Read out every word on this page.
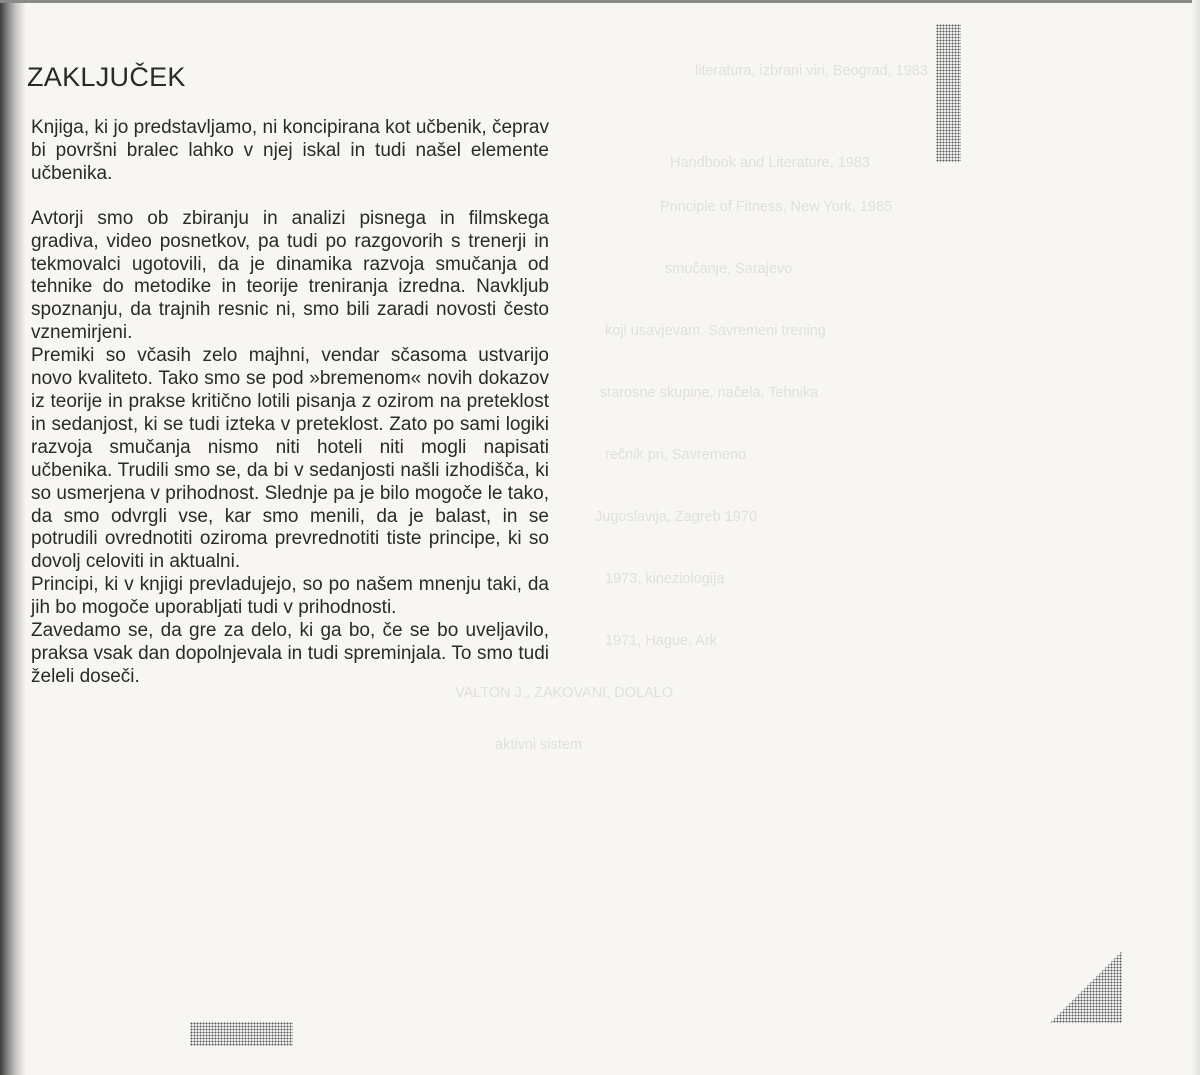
literatura, izbrani viri, Beograd, 1983
Handbook and Literature, 1983
Principle of Fitness, New York, 1985
smučanje, Sarajevo
koji usavjevam, Savremeni trening
starosne skupine, načela, Tehnika
rečnik pri, Savremeno
Jugoslavija, Zagreb 1970
1973, kineziologija
1971, Hague, Ark
VALTON J., ZAKOVANI, DOLALO
aktivni sistem
ZAKLJUČEK

Knjiga, ki jo predstavljamo, ni koncipirana kot učbenik, čeprav bi površni bralec lahko v njej iskal in tudi našel elemente učbenika.

Avtorji smo ob zbiranju in analizi pisnega in filmskega gradiva, video posnetkov, pa tudi po razgovorih s trenerji in tekmovalci ugotovili, da je dinamika razvoja smučanja od tehnike do metodike in teorije treniranja izredna. Navkljub spoznanju, da trajnih resnic ni, smo bili zaradi novosti često vznemirjeni.

Premiki so včasih zelo majhni, vendar sčasoma ustvarijo novo kvaliteto. Tako smo se pod »bremenom« novih dokazov iz teorije in prakse kritično lotili pisanja z ozirom na preteklost in sedanjost, ki se tudi izteka v preteklost. Zato po sami logiki razvoja smučanja nismo niti hoteli niti mogli napisati učbenika. Trudili smo se, da bi v sedanjosti našli izhodišča, ki so usmerjena v prihodnost. Slednje pa je bilo mogoče le tako, da smo odvrgli vse, kar smo menili, da je balast, in se potrudili ovrednotiti oziroma prevrednotiti tiste principe, ki so dovolj celoviti in aktualni.

Principi, ki v knjigi prevladujejo, so po našem mnenju taki, da jih bo mogoče uporabljati tudi v prihodnosti.

Zavedamo se, da gre za delo, ki ga bo, če se bo uveljavilo, praksa vsak dan dopolnjevala in tudi spreminjala. To smo tudi želeli doseči.
